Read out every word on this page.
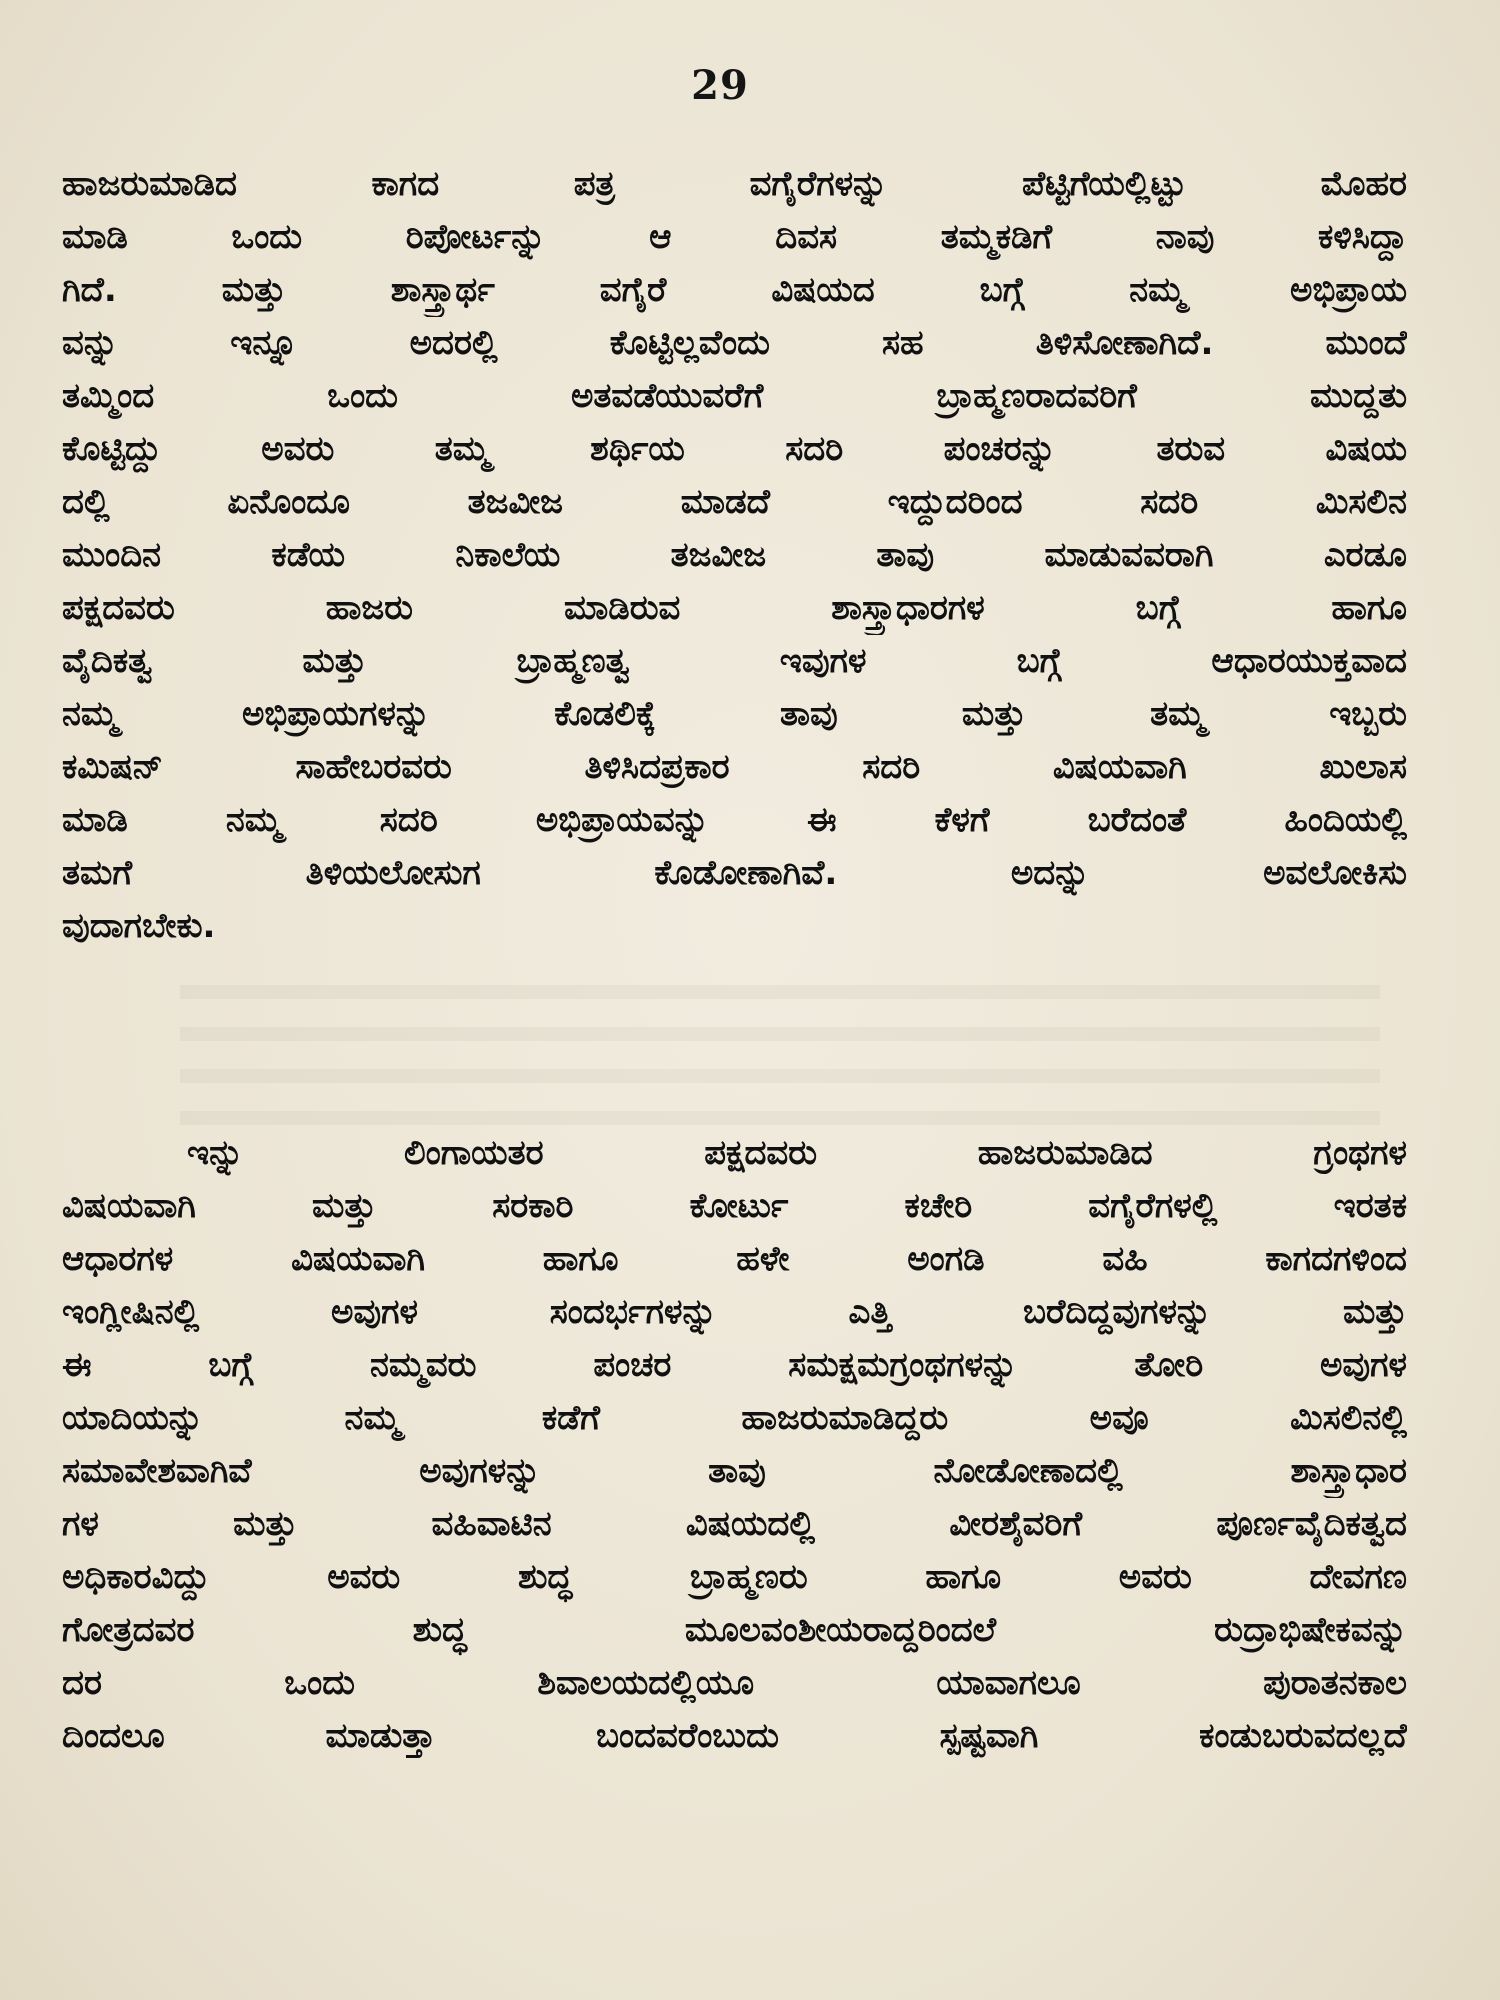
29
ಹಾಜರುಮಾಡಿದ ಕಾಗದ ಪತ್ರ ವಗೈರೆಗಳನ್ನು ಪೆಟ್ಟಿಗೆಯಲ್ಲಿಟ್ಟು ಮೊಹರ
ಮಾಡಿ ಒಂದು ರಿಪೋರ್ಟನ್ನು ಆ ದಿವಸ ತಮ್ಮಕಡಿಗೆ ನಾವು ಕಳಿಸಿದ್ದಾ
ಗಿದೆ. ಮತ್ತು ಶಾಸ್ತ್ರಾರ್ಥ ವಗೈರೆ ವಿಷಯದ ಬಗ್ಗೆ ನಮ್ಮ ಅಭಿಪ್ರಾಯ
ವನ್ನು ಇನ್ನೂ ಅದರಲ್ಲಿ ಕೊಟ್ಟಿಲ್ಲವೆಂದು ಸಹ ತಿಳಿಸೋಣಾಗಿದೆ. ಮುಂದೆ
ತಮ್ಮಿಂದ ಒಂದು ಅತವಡೆಯುವರೆಗೆ ಬ್ರಾಹ್ಮಣರಾದವರಿಗೆ ಮುದ್ದತು
ಕೊಟ್ಟಿದ್ದು ಅವರು ತಮ್ಮ ಶರ್ಥಿಯ ಸದರಿ ಪಂಚರನ್ನು ತರುವ ವಿಷಯ
ದಲ್ಲಿ ಏನೊಂದೂ ತಜವೀಜ ಮಾಡದೆ ಇದ್ದುದರಿಂದ ಸದರಿ ಮಿಸಲಿನ
ಮುಂದಿನ ಕಡೆಯ ನಿಕಾಲೆಯ ತಜವೀಜ ತಾವು ಮಾಡುವವರಾಗಿ ಎರಡೂ
ಪಕ್ಷದವರು ಹಾಜರು ಮಾಡಿರುವ ಶಾಸ್ತ್ರಾಧಾರಗಳ ಬಗ್ಗೆ ಹಾಗೂ
ವೈದಿಕತ್ವ ಮತ್ತು ಬ್ರಾಹ್ಮಣತ್ವ ಇವುಗಳ ಬಗ್ಗೆ ಆಧಾರಯುಕ್ತವಾದ
ನಮ್ಮ ಅಭಿಪ್ರಾಯಗಳನ್ನು ಕೊಡಲಿಕ್ಕೆ ತಾವು ಮತ್ತು ತಮ್ಮ ಇಬ್ಬರು
ಕಮಿಷನ್ ಸಾಹೇಬರವರು ತಿಳಿಸಿದಪ್ರಕಾರ ಸದರಿ ವಿಷಯವಾಗಿ ಖುಲಾಸ
ಮಾಡಿ ನಮ್ಮ ಸದರಿ ಅಭಿಪ್ರಾಯವನ್ನು ಈ ಕೆಳಗೆ ಬರೆದಂತೆ ಹಿಂದಿಯಲ್ಲಿ
ತಮಗೆ ತಿಳಿಯಲೋಸುಗ ಕೊಡೋಣಾಗಿವೆ. ಅದನ್ನು ಅವಲೋಕಿಸು
ವುದಾಗಬೇಕು.
ಇನ್ನು ಲಿಂಗಾಯತರ ಪಕ್ಷದವರು ಹಾಜರುಮಾಡಿದ ಗ್ರಂಥಗಳ
ವಿಷಯವಾಗಿ ಮತ್ತು ಸರಕಾರಿ ಕೋರ್ಟು ಕಚೇರಿ ವಗೈರೆಗಳಲ್ಲಿ ಇರತಕ
ಆಧಾರಗಳ ವಿಷಯವಾಗಿ ಹಾಗೂ ಹಳೇ ಅಂಗಡಿ ವಹಿ ಕಾಗದಗಳಿಂದ
ಇಂಗ್ಲೀಷಿನಲ್ಲಿ ಅವುಗಳ ಸಂದರ್ಭಗಳನ್ನು ಎತ್ತಿ ಬರೆದಿದ್ದವುಗಳನ್ನು ಮತ್ತು
ಈ ಬಗ್ಗೆ ನಮ್ಮವರು ಪಂಚರ ಸಮಕ್ಷಮಗ್ರಂಥಗಳನ್ನು ತೋರಿ ಅವುಗಳ
ಯಾದಿಯನ್ನು ನಮ್ಮ ಕಡೆಗೆ ಹಾಜರುಮಾಡಿದ್ದರು ಅವೂ ಮಿಸಲಿನಲ್ಲಿ
ಸಮಾವೇಶವಾಗಿವೆ ಅವುಗಳನ್ನು ತಾವು ನೋಡೋಣಾದಲ್ಲಿ ಶಾಸ್ತ್ರಾಧಾರ
ಗಳ ಮತ್ತು ವಹಿವಾಟಿನ ವಿಷಯದಲ್ಲಿ ವೀರಶೈವರಿಗೆ ಪೂರ್ಣವೈದಿಕತ್ವದ
ಅಧಿಕಾರವಿದ್ದು ಅವರು ಶುದ್ಧ ಬ್ರಾಹ್ಮಣರು ಹಾಗೂ ಅವರು ದೇವಗಣ
ಗೋತ್ರದವರ ಶುದ್ಧ ಮೂಲವಂಶೀಯರಾದ್ದರಿಂದಲೆ ರುದ್ರಾಭಿಷೇಕವನ್ನು
ದರ ಒಂದು ಶಿವಾಲಯದಲ್ಲಿಯೂ ಯಾವಾಗಲೂ ಪುರಾತನಕಾಲ
ದಿಂದಲೂ ಮಾಡುತ್ತಾ ಬಂದವರೆಂಬುದು ಸ್ಪಷ್ಟವಾಗಿ ಕಂಡುಬರುವದಲ್ಲದೆ
